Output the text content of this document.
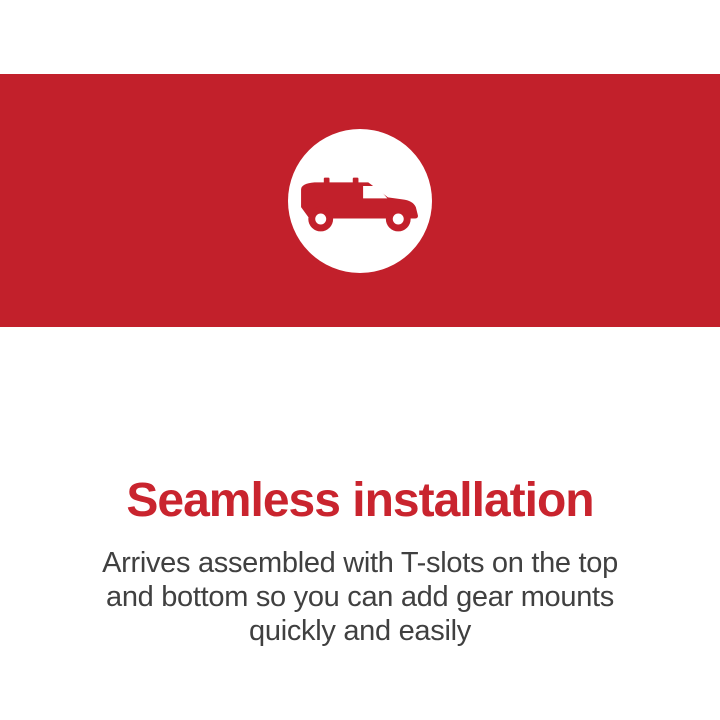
Seamless installation

Arrives assembled with T-slots on the top

and bottom so you can add gear mounts

quickly and easily
